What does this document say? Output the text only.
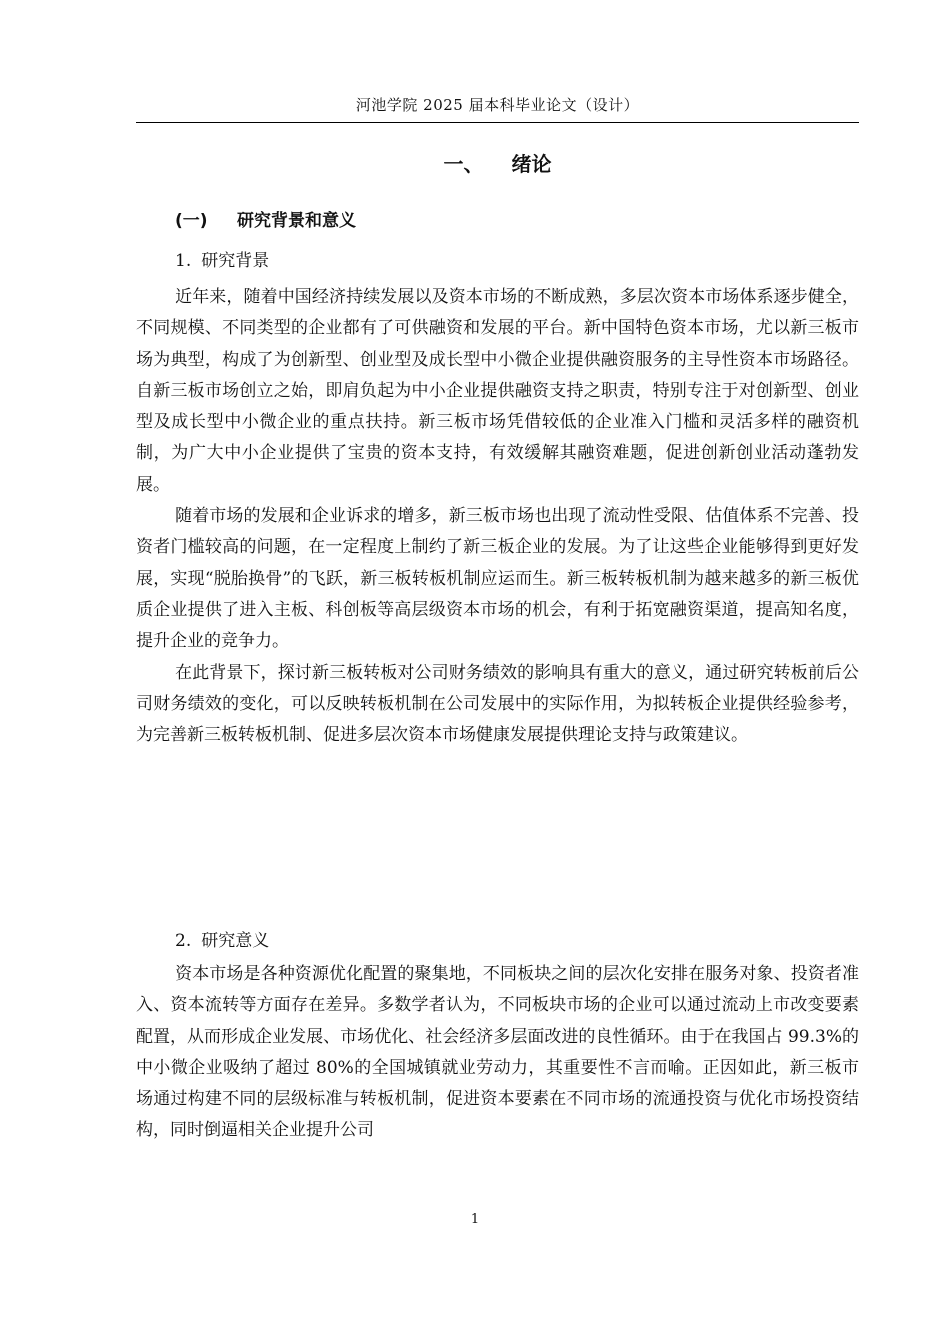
河池学院 2025 届本科毕业论文（设计）
一、 绪论
(一) 研究背景和意义
1. 研究背景

近年来，随着中国经济持续发展以及资本市场的不断成熟，多层次资本市场体系逐步健全，不同规模、不同类型的企业都有了可供融资和发展的平台。新中国特色资本市场，尤以新三板市场为典型，构成了为创新型、创业型及成长型中小微企业提供融资服务的主导性资本市场路径。自新三板市场创立之始，即肩负起为中小企业提供融资支持之职责，特别专注于对创新型、创业型及成长型中小微企业的重点扶持。新三板市场凭借较低的企业准入门槛和灵活多样的融资机制，为广大中小企业提供了宝贵的资本支持，有效缓解其融资难题，促进创新创业活动蓬勃发展。

随着市场的发展和企业诉求的增多，新三板市场也出现了流动性受限、估值体系不完善、投资者门槛较高的问题，在一定程度上制约了新三板企业的发展。为了让这些企业能够得到更好发展，实现“脱胎换骨”的飞跃，新三板转板机制应运而生。新三板转板机制为越来越多的新三板优质企业提供了进入主板、科创板等高层级资本市场的机会，有利于拓宽融资渠道，提高知名度，提升企业的竞争力。

在此背景下，探讨新三板转板对公司财务绩效的影响具有重大的意义，通过研究转板前后公司财务绩效的变化，可以反映转板机制在公司发展中的实际作用，为拟转板企业提供经验参考，为完善新三板转板机制、促进多层次资本市场健康发展提供理论支持与政策建议。

2. 研究意义

资本市场是各种资源优化配置的聚集地，不同板块之间的层次化安排在服务对象、投资者准入、资本流转等方面存在差异。多数学者认为，不同板块市场的企业可以通过流动上市改变要素配置，从而形成企业发展、市场优化、社会经济多层面改进的良性循环。由于在我国占 99.3%的中小微企业吸纳了超过 80%的全国城镇就业劳动力，其重要性不言而喻。正因如此，新三板市场通过构建不同的层级标准与转板机制，促进资本要素在不同市场的流通投资与优化市场投资结构，同时倒逼相关企业提升公司

1
